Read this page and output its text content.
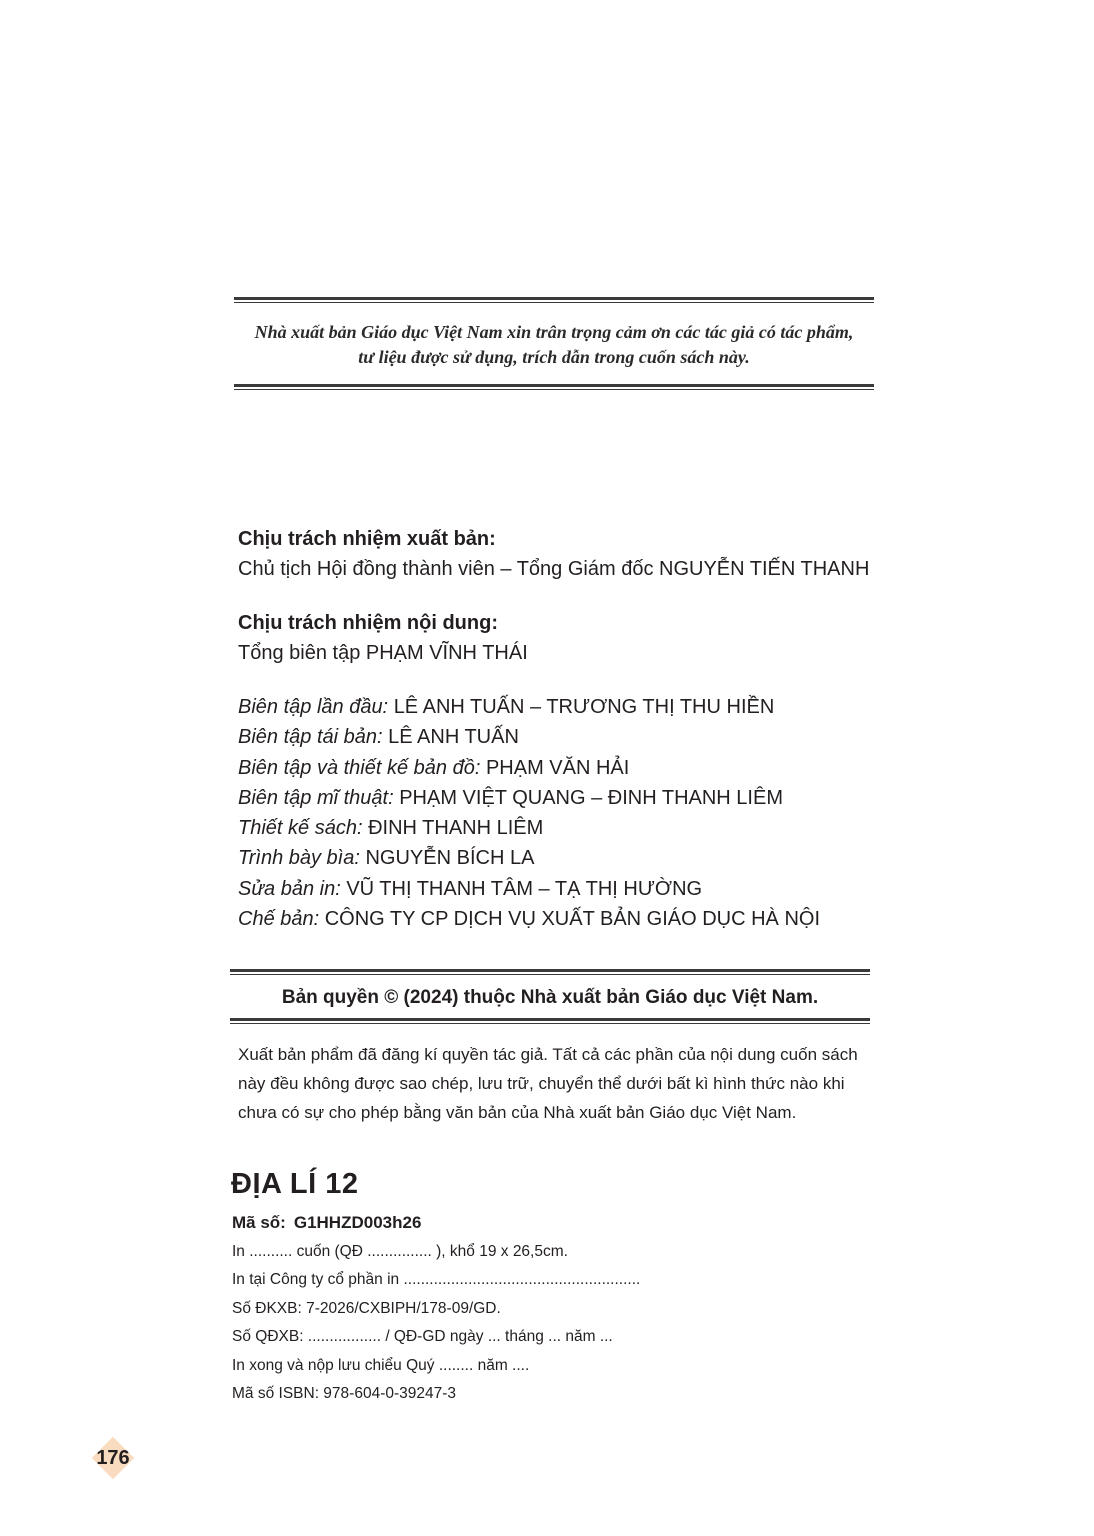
Nhà xuất bản Giáo dục Việt Nam xin trân trọng cảm ơn các tác giả có tác phẩm,
tư liệu được sử dụng, trích dẫn trong cuốn sách này.
Chịu trách nhiệm xuất bản:
Chủ tịch Hội đồng thành viên – Tổng Giám đốc NGUYỄN TIẾN THANH
Chịu trách nhiệm nội dung:
Tổng biên tập PHẠM VĨNH THÁI
Biên tập lần đầu: LÊ ANH TUẤN – TRƯƠNG THỊ THU HIỀN
Biên tập tái bản: LÊ ANH TUẤN
Biên tập và thiết kế bản đồ: PHẠM VĂN HẢI
Biên tập mĩ thuật: PHẠM VIỆT QUANG – ĐINH THANH LIÊM
Thiết kế sách: ĐINH THANH LIÊM
Trình bày bìa: NGUYỄN BÍCH LA
Sửa bản in: VŨ THỊ THANH TÂM – TẠ THỊ HƯỜNG
Chế bản: CÔNG TY CP DỊCH VỤ XUẤT BẢN GIÁO DỤC HÀ NỘI
Bản quyền © (2024) thuộc Nhà xuất bản Giáo dục Việt Nam.
Xuất bản phẩm đã đăng kí quyền tác giả. Tất cả các phần của nội dung cuốn sách
này đều không được sao chép, lưu trữ, chuyển thể dưới bất kì hình thức nào khi
chưa có sự cho phép bằng văn bản của Nhà xuất bản Giáo dục Việt Nam.
ĐỊA LÍ 12
Mã số: G1HHZD003h26
In .......... cuốn (QĐ ............... ), khổ 19 x 26,5cm.
In tại Công ty cổ phần in .......................................................
Số ĐKXB: 7-2026/CXBIPH/178-09/GD.
Số QĐXB: ................. / QĐ-GD ngày ... tháng ... năm ...
In xong và nộp lưu chiểu Quý ........ năm ....
Mã số ISBN: 978-604-0-39247-3
176
